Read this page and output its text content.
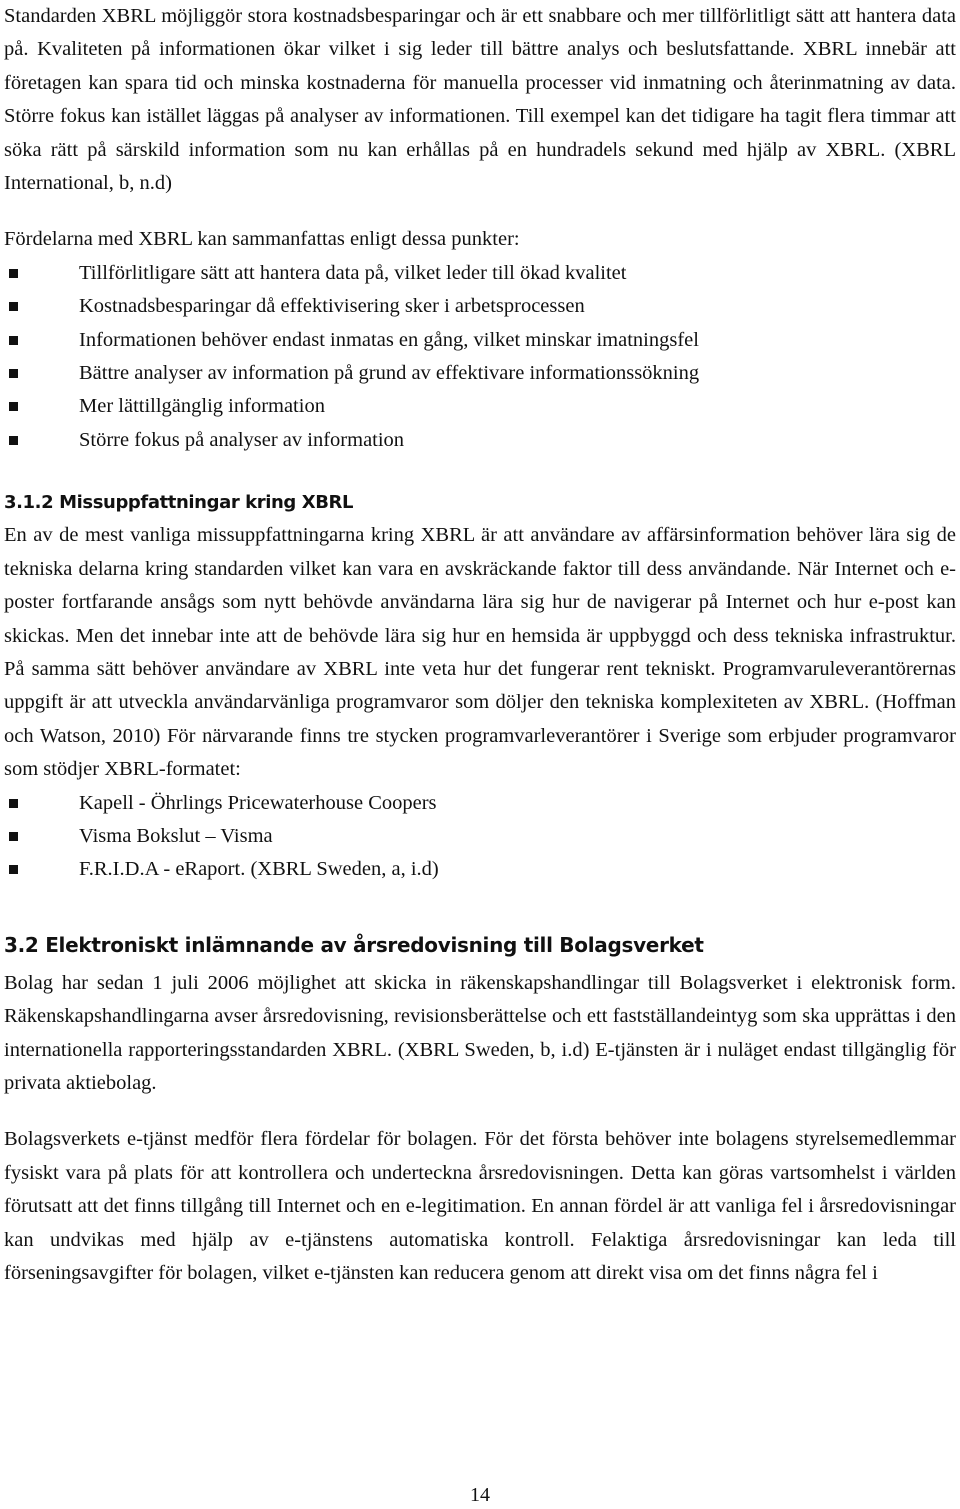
Standarden XBRL möjliggör stora kostnadsbesparingar och är ett snabbare och mer tillförlitligt sätt att hantera data på. Kvaliteten på informationen ökar vilket i sig leder till bättre analys och beslutsfattande. XBRL innebär att företagen kan spara tid och minska kostnaderna för manuella processer vid inmatning och återinmatning av data. Större fokus kan istället läggas på analyser av informationen. Till exempel kan det tidigare ha tagit flera timmar att söka rätt på särskild information som nu kan erhållas på en hundradels sekund med hjälp av XBRL. (XBRL International, b, n.d)

Fördelarna med XBRL kan sammanfattas enligt dessa punkter:

Tillförlitligare sätt att hantera data på, vilket leder till ökad kvalitet
Kostnadsbesparingar då effektivisering sker i arbetsprocessen
Informationen behöver endast inmatas en gång, vilket minskar imatningsfel
Bättre analyser av information på grund av effektivare informationssökning
Mer lättillgänglig information
Större fokus på analyser av information
3.1.2 Missuppfattningar kring XBRL

En av de mest vanliga missuppfattningarna kring XBRL är att användare av affärsinformation behöver lära sig de tekniska delarna kring standarden vilket kan vara en avskräckande faktor till dess användande. När Internet och e-poster fortfarande ansågs som nytt behövde användarna lära sig hur de navigerar på Internet och hur e-post kan skickas. Men det innebar inte att de behövde lära sig hur en hemsida är uppbyggd och dess tekniska infrastruktur. På samma sätt behöver användare av XBRL inte veta hur det fungerar rent tekniskt. Programvaruleverantörernas uppgift är att utveckla användarvänliga programvaror som döljer den tekniska komplexiteten av XBRL. (Hoffman och Watson, 2010) För närvarande finns tre stycken programvarleverantörer i Sverige som erbjuder programvaror som stödjer XBRL-formatet:

Kapell - Öhrlings Pricewaterhouse Coopers
Visma Bokslut – Visma
F.R.I.D.A - eRaport. (XBRL Sweden, a, i.d)
3.2 Elektroniskt inlämnande av årsredovisning till Bolagsverket

Bolag har sedan 1 juli 2006 möjlighet att skicka in räkenskapshandlingar till Bolagsverket i elektronisk form. Räkenskapshandlingarna avser årsredovisning, revisionsberättelse och ett fastställandeintyg som ska upprättas i den internationella rapporteringsstandarden XBRL. (XBRL Sweden, b, i.d) E-tjänsten är i nuläget endast tillgänglig för privata aktiebolag.

Bolagsverkets e-tjänst medför flera fördelar för bolagen. För det första behöver inte bolagens styrelsemedlemmar fysiskt vara på plats för att kontrollera och underteckna årsredovisningen. Detta kan göras vartsomhelst i världen förutsatt att det finns tillgång till Internet och en e-legitimation. En annan fördel är att vanliga fel i årsredovisningar kan undvikas med hjälp av e-tjänstens automatiska kontroll. Felaktiga årsredovisningar kan leda till förseningsavgifter för bolagen, vilket e-tjänsten kan reducera genom att direkt visa om det finns några fel i

14
